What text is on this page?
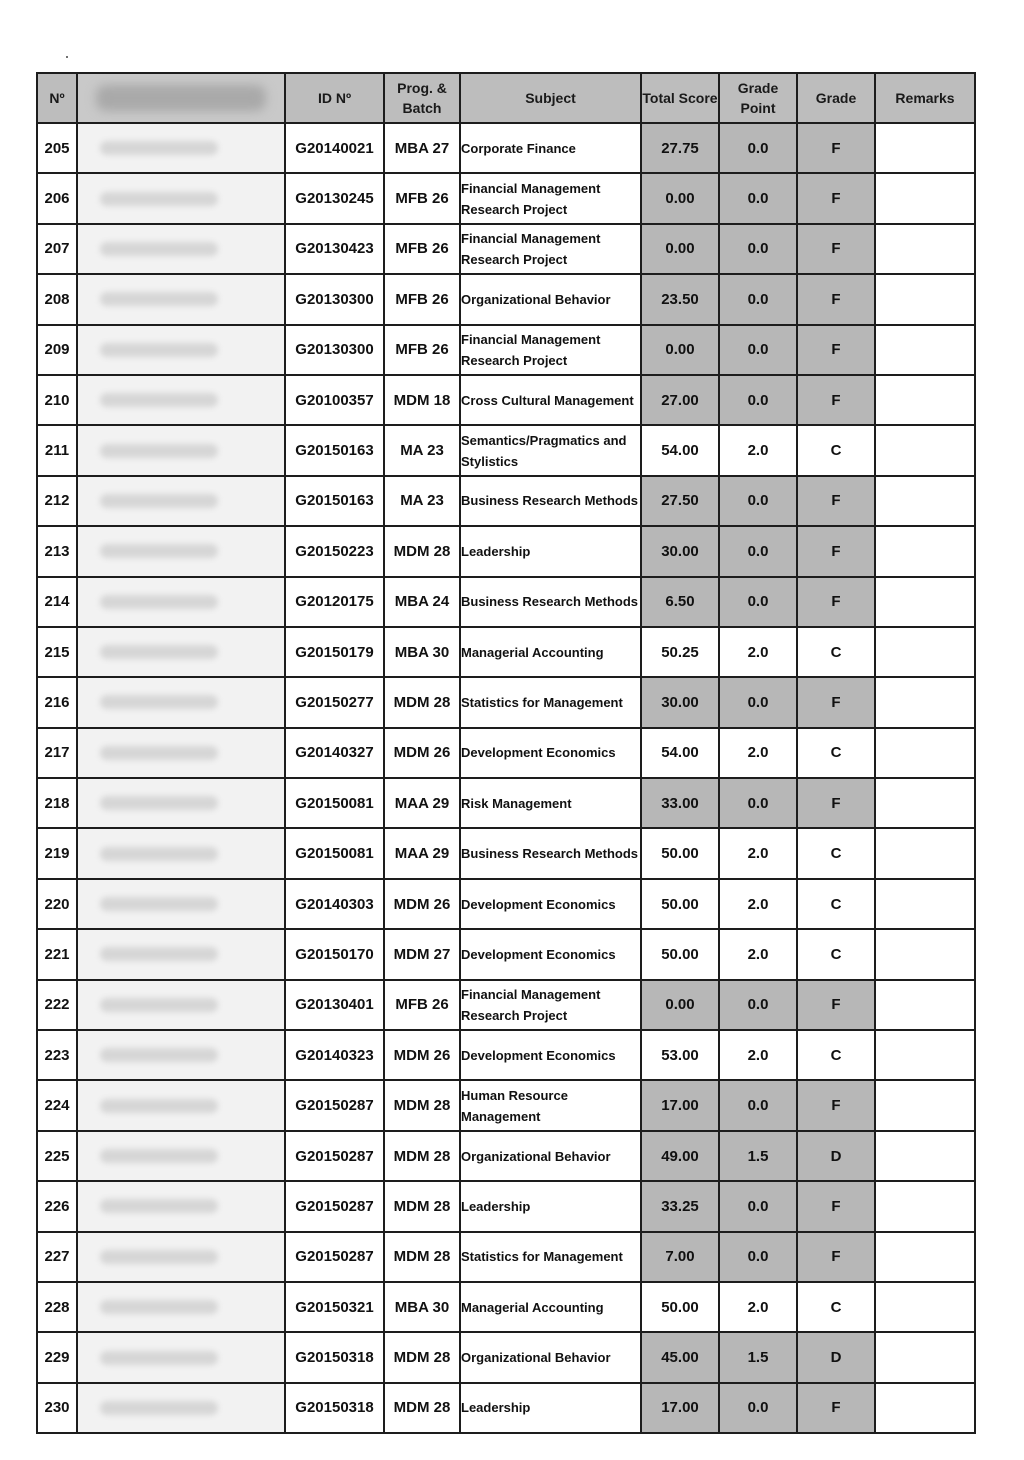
Nº		ID Nº	Prog. & Batch	Subject	Total Score	Grade Point	Grade	Remarks
205		G20140021	MBA 27	Corporate Finance	27.75	0.0	F	
206		G20130245	MFB 26	Financial Management Research Project	0.00	0.0	F	
207		G20130423	MFB 26	Financial Management Research Project	0.00	0.0	F	
208		G20130300	MFB 26	Organizational Behavior	23.50	0.0	F	
209		G20130300	MFB 26	Financial Management Research Project	0.00	0.0	F	
210		G20100357	MDM 18	Cross Cultural Management	27.00	0.0	F	
211		G20150163	MA 23	Semantics/Pragmatics and Stylistics	54.00	2.0	C	
212		G20150163	MA 23	Business Research Methods	27.50	0.0	F	
213		G20150223	MDM 28	Leadership	30.00	0.0	F	
214		G20120175	MBA 24	Business Research Methods	6.50	0.0	F	
215		G20150179	MBA 30	Managerial Accounting	50.25	2.0	C	
216		G20150277	MDM 28	Statistics for Management	30.00	0.0	F	
217		G20140327	MDM 26	Development Economics	54.00	2.0	C	
218		G20150081	MAA 29	Risk Management	33.00	0.0	F	
219		G20150081	MAA 29	Business Research Methods	50.00	2.0	C	
220		G20140303	MDM 26	Development Economics	50.00	2.0	C	
221		G20150170	MDM 27	Development Economics	50.00	2.0	C	
222		G20130401	MFB 26	Financial Management Research Project	0.00	0.0	F	
223		G20140323	MDM 26	Development Economics	53.00	2.0	C	
224		G20150287	MDM 28	Human Resource Management	17.00	0.0	F	
225		G20150287	MDM 28	Organizational Behavior	49.00	1.5	D	
226		G20150287	MDM 28	Leadership	33.25	0.0	F	
227		G20150287	MDM 28	Statistics for Management	7.00	0.0	F	
228		G20150321	MBA 30	Managerial Accounting	50.00	2.0	C	
229		G20150318	MDM 28	Organizational Behavior	45.00	1.5	D	
230		G20150318	MDM 28	Leadership	17.00	0.0	F	
